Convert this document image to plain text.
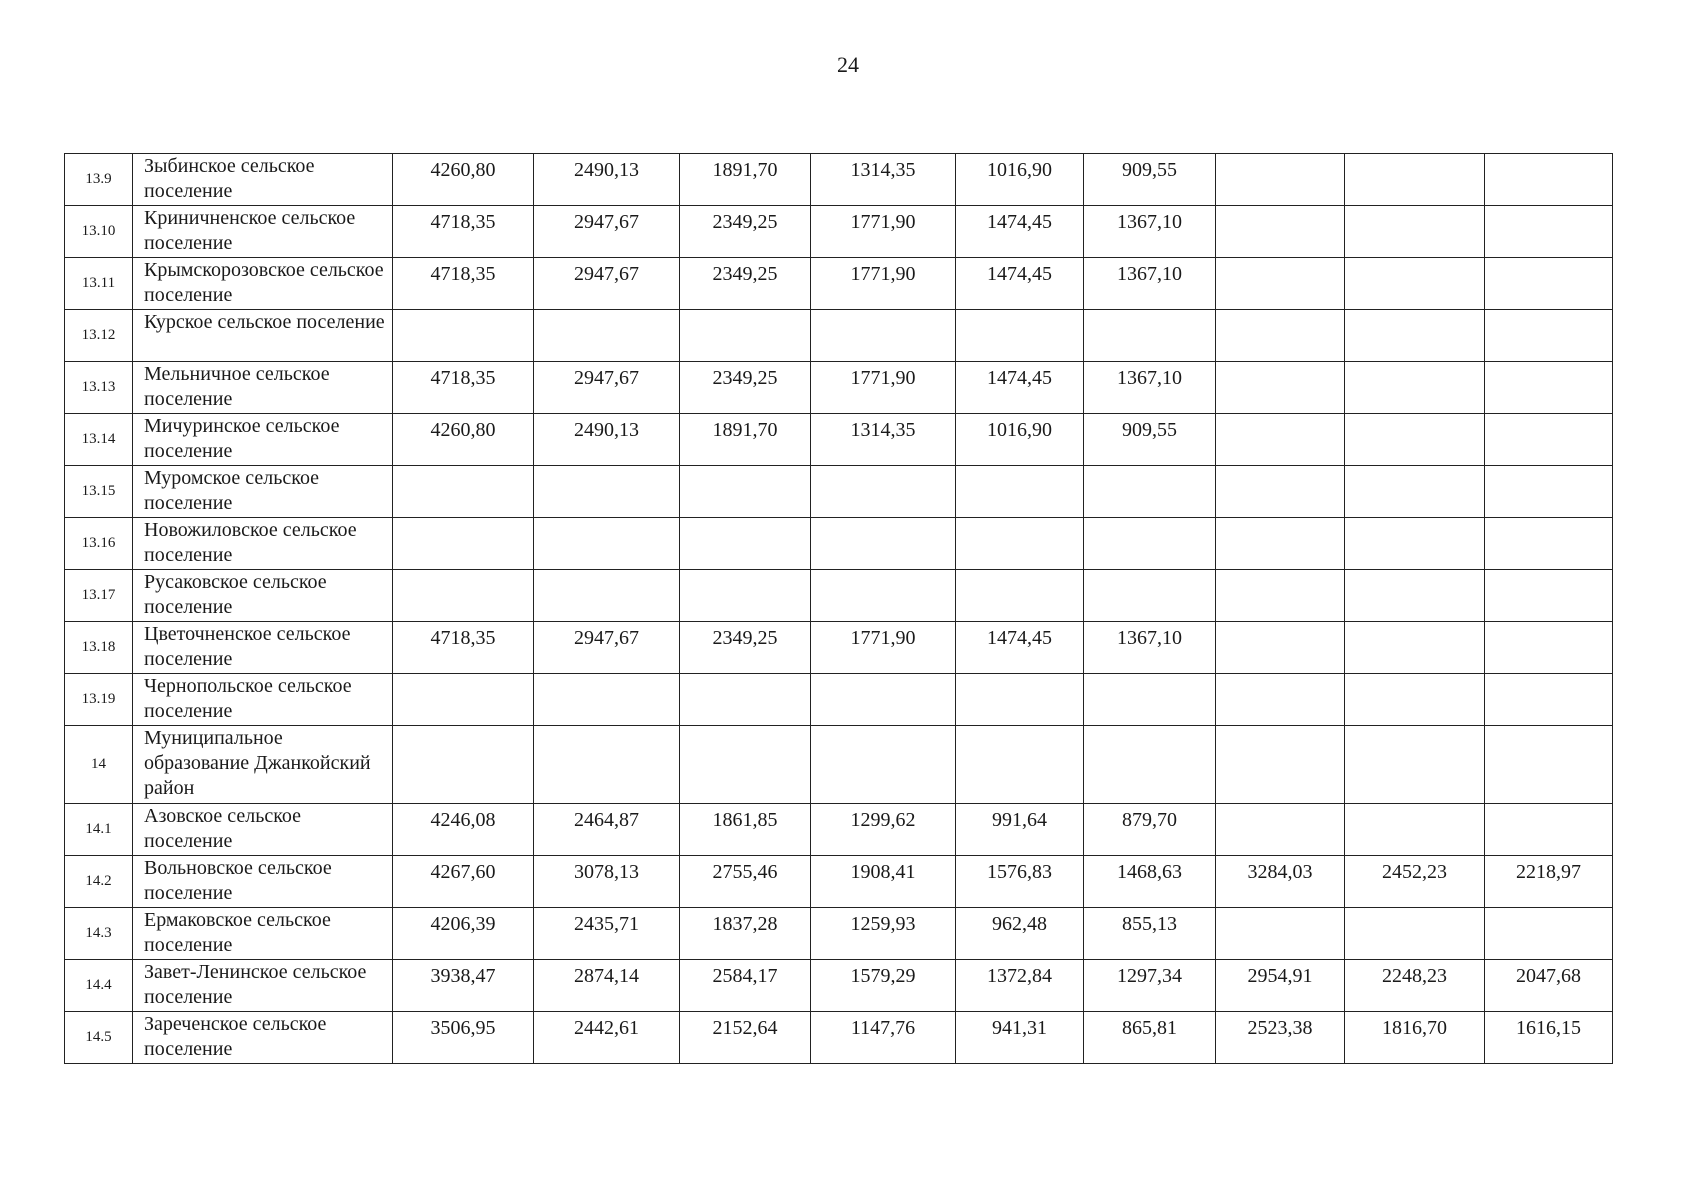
24
13.9	Зыбинское сельское поселение	4260,80	2490,13	1891,70	1314,35	1016,90	909,55			
13.10	Криничненское сельское поселение	4718,35	2947,67	2349,25	1771,90	1474,45	1367,10			
13.11	Крымскорозовское сельское поселение	4718,35	2947,67	2349,25	1771,90	1474,45	1367,10			
13.12	Курское сельское поселение									
13.13	Мельничное сельское поселение	4718,35	2947,67	2349,25	1771,90	1474,45	1367,10			
13.14	Мичуринское сельское поселение	4260,80	2490,13	1891,70	1314,35	1016,90	909,55			
13.15	Муромское сельское поселение									
13.16	Новожиловское сельское поселение									
13.17	Русаковское сельское поселение									
13.18	Цветочненское сельское поселение	4718,35	2947,67	2349,25	1771,90	1474,45	1367,10			
13.19	Чернопольское сельское поселение									
14	Муниципальное образование Джанкойский район									
14.1	Азовское сельское поселение	4246,08	2464,87	1861,85	1299,62	991,64	879,70			
14.2	Вольновское сельское поселение	4267,60	3078,13	2755,46	1908,41	1576,83	1468,63	3284,03	2452,23	2218,97
14.3	Ермаковское сельское поселение	4206,39	2435,71	1837,28	1259,93	962,48	855,13			
14.4	Завет-Ленинское сельское поселение	3938,47	2874,14	2584,17	1579,29	1372,84	1297,34	2954,91	2248,23	2047,68
14.5	Зареченское сельское поселение	3506,95	2442,61	2152,64	1147,76	941,31	865,81	2523,38	1816,70	1616,15
